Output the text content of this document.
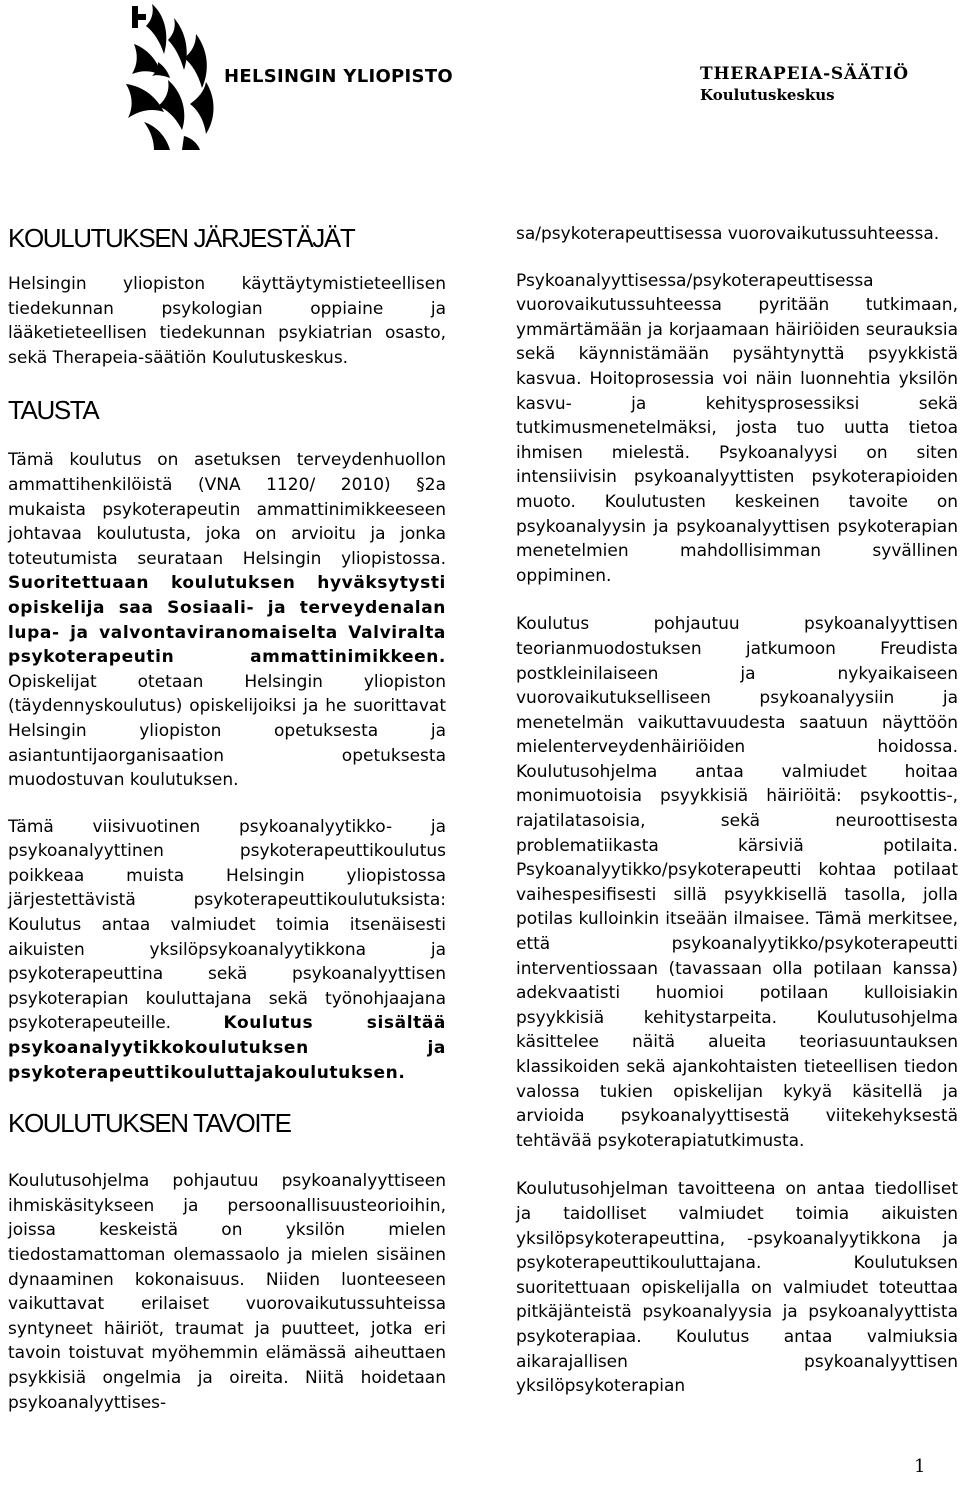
HELSINGIN YLIOPISTO	THERAPEIA-SÄÄTIÖ
Koulutuskeskus
KOULUTUKSEN JÄRJESTÄJÄT

Helsingin yliopiston käyttäytymistieteellisen tiedekunnan psykologian oppiaine ja lääketieteellisen tiedekunnan psykiatrian osasto, sekä Therapeia-säätiön Koulutuskeskus.

TAUSTA

Tämä koulutus on asetuksen terveydenhuollon ammattihenkilöistä (VNA 1120/ 2010) §2a mukaista psykoterapeutin ammattinimikkeeseen johtavaa koulutusta, joka on arvioitu ja jonka toteutumista seurataan Helsingin yliopistossa. Suoritettuaan koulutuksen hyväksytysti opiskelija saa Sosiaali- ja terveydenalan lupa- ja valvontaviranomaiselta Valviralta psykoterapeutin ammattinimikkeen. Opiskelijat otetaan Helsingin yliopiston (täydennyskoulutus) opiskelijoiksi ja he suorittavat Helsingin yliopiston opetuksesta ja asiantuntijaorganisaation opetuksesta muodostuvan koulutuksen.

Tämä viisivuotinen psykoanalyytikko- ja psykoanalyyttinen psykoterapeuttikoulutus poikkeaa muista Helsingin yliopistossa järjestettävistä psykoterapeuttikoulutuksista: Koulutus antaa valmiudet toimia itsenäisesti aikuisten yksilöpsykoanalyytikkona ja psykoterapeuttina sekä psykoanalyyttisen psykoterapian kouluttajana sekä työnohjaajana psykoterapeuteille.	Koulutus sisältää psykoanalyytikkokoulutuksen ja psykoterapeuttikouluttajakoulutuksen.

KOULUTUKSEN TAVOITE

Koulutusohjelma pohjautuu psykoanalyyttiseen ihmiskäsitykseen ja persoonallisuusteorioihin, joissa keskeistä on yksilön mielen tiedostamattoman olemassaolo ja mielen sisäinen dynaaminen kokonaisuus. Niiden luonteeseen vaikuttavat erilaiset vuorovaikutussuhteissa syntyneet häiriöt, traumat ja puutteet, jotka eri tavoin toistuvat myöhemmin elämässä aiheuttaen psykkisiä ongelmia ja oireita. Niitä hoidetaan psykoanalyyttises-

sa/psykoterapeuttisessa vuorovaikutussuhteessa.

Psykoanalyyttisessa/psykoterapeuttisessa vuorovaikutussuhteessa pyritään tutkimaan, ymmärtämään ja korjaamaan häiriöiden seurauksia sekä käynnistämään pysähtynyttä psyykkistä kasvua. Hoitoprosessia voi näin luonnehtia yksilön kasvu- ja kehitysprosessiksi sekä tutkimusmenetelmäksi, josta tuo uutta tietoa ihmisen mielestä. Psykoanalyysi on siten intensiivisin psykoanalyyttisten psykoterapioiden muoto. Koulutusten keskeinen tavoite on psykoanalyysin ja psykoanalyyttisen psykoterapian menetelmien mahdollisimman syvällinen oppiminen.

Koulutus pohjautuu psykoanalyyttisen teorianmuodostuksen jatkumoon Freudista postkleinilaiseen ja nykyaikaiseen vuorovaikutukselliseen psykoanalyysiin ja menetelmän vaikuttavuudesta saatuun näyttöön mielenterveydenhäiriöiden hoidossa. Koulutusohjelma antaa valmiudet hoitaa monimuotoisia psyykkisiä häiriöitä: psykoottis-, rajatilatasoisia, sekä neuroottisesta problematiikasta kärsiviä potilaita. Psykoanalyytikko/psykoterapeutti kohtaa potilaat vaihespesifisesti sillä psyykkisellä tasolla, jolla potilas kulloinkin itseään ilmaisee. Tämä merkitsee, että psykoanalyytikko/psykoterapeutti interventiossaan (tavassaan olla potilaan kanssa) adekvaatisti huomioi potilaan kulloisiakin psyykkisiä kehitystarpeita. Koulutusohjelma käsittelee näitä alueita teoriasuuntauksen klassikoiden sekä ajankohtaisten tieteellisen tiedon valossa tukien opiskelijan kykyä käsitellä ja arvioida psykoanalyyttisestä viitekehyksestä tehtävää psykoterapiatutkimusta.

Koulutusohjelman tavoitteena on antaa tiedolliset ja taidolliset valmiudet toimia aikuisten yksilöpsykoterapeuttina, -psykoanalyytikkona ja psykoterapeuttikouluttajana. Koulutuksen suoritettuaan opiskelijalla on valmiudet toteuttaa pitkäjänteistä psykoanalyysia ja psykoanalyyttista psykoterapiaa. Koulutus antaa valmiuksia aikarajallisen psykoanalyyttisen yksilöpsykoterapian

1
